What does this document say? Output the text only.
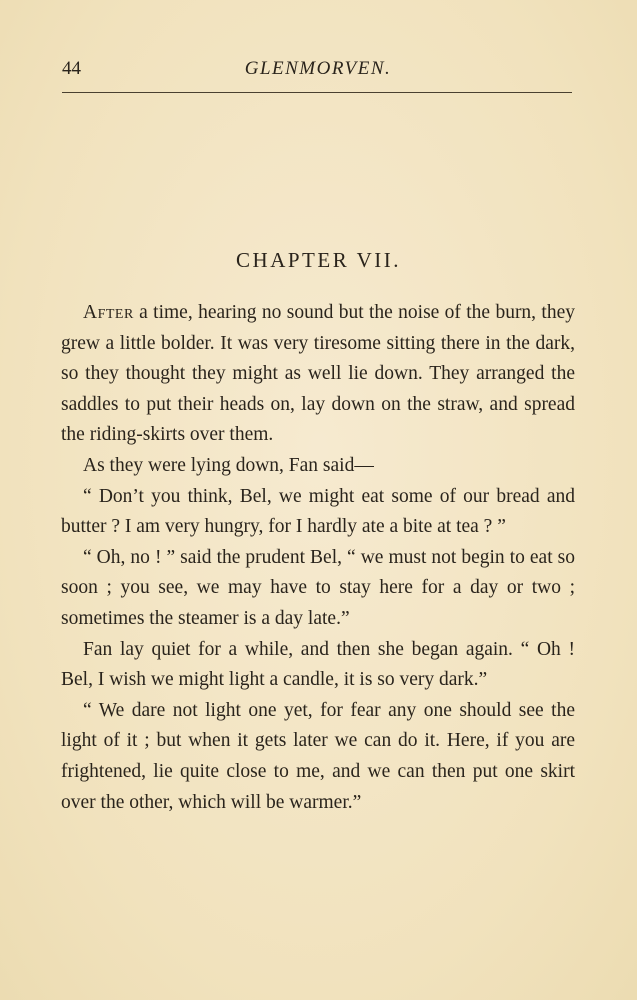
44	GLENMORVEN.
CHAPTER VII.

After a time, hearing no sound but the noise of the burn, they grew a little bolder. It was very tiresome sitting there in the dark, so they thought they might as well lie down. They arranged the saddles to put their heads on, lay down on the straw, and spread the riding-skirts over them.

As they were lying down, Fan said—

“ Don’t you think, Bel, we might eat some of our bread and butter ? I am very hungry, for I hardly ate a bite at tea ? ”

“ Oh, no ! ” said the prudent Bel, “ we must not begin to eat so soon ; you see, we may have to stay here for a day or two ; sometimes the steamer is a day late.”

Fan lay quiet for a while, and then she began again. “ Oh ! Bel, I wish we might light a candle, it is so very dark.”

“ We dare not light one yet, for fear any one should see the light of it ; but when it gets later we can do it. Here, if you are frightened, lie quite close to me, and we can then put one skirt over the other, which will be warmer.”
